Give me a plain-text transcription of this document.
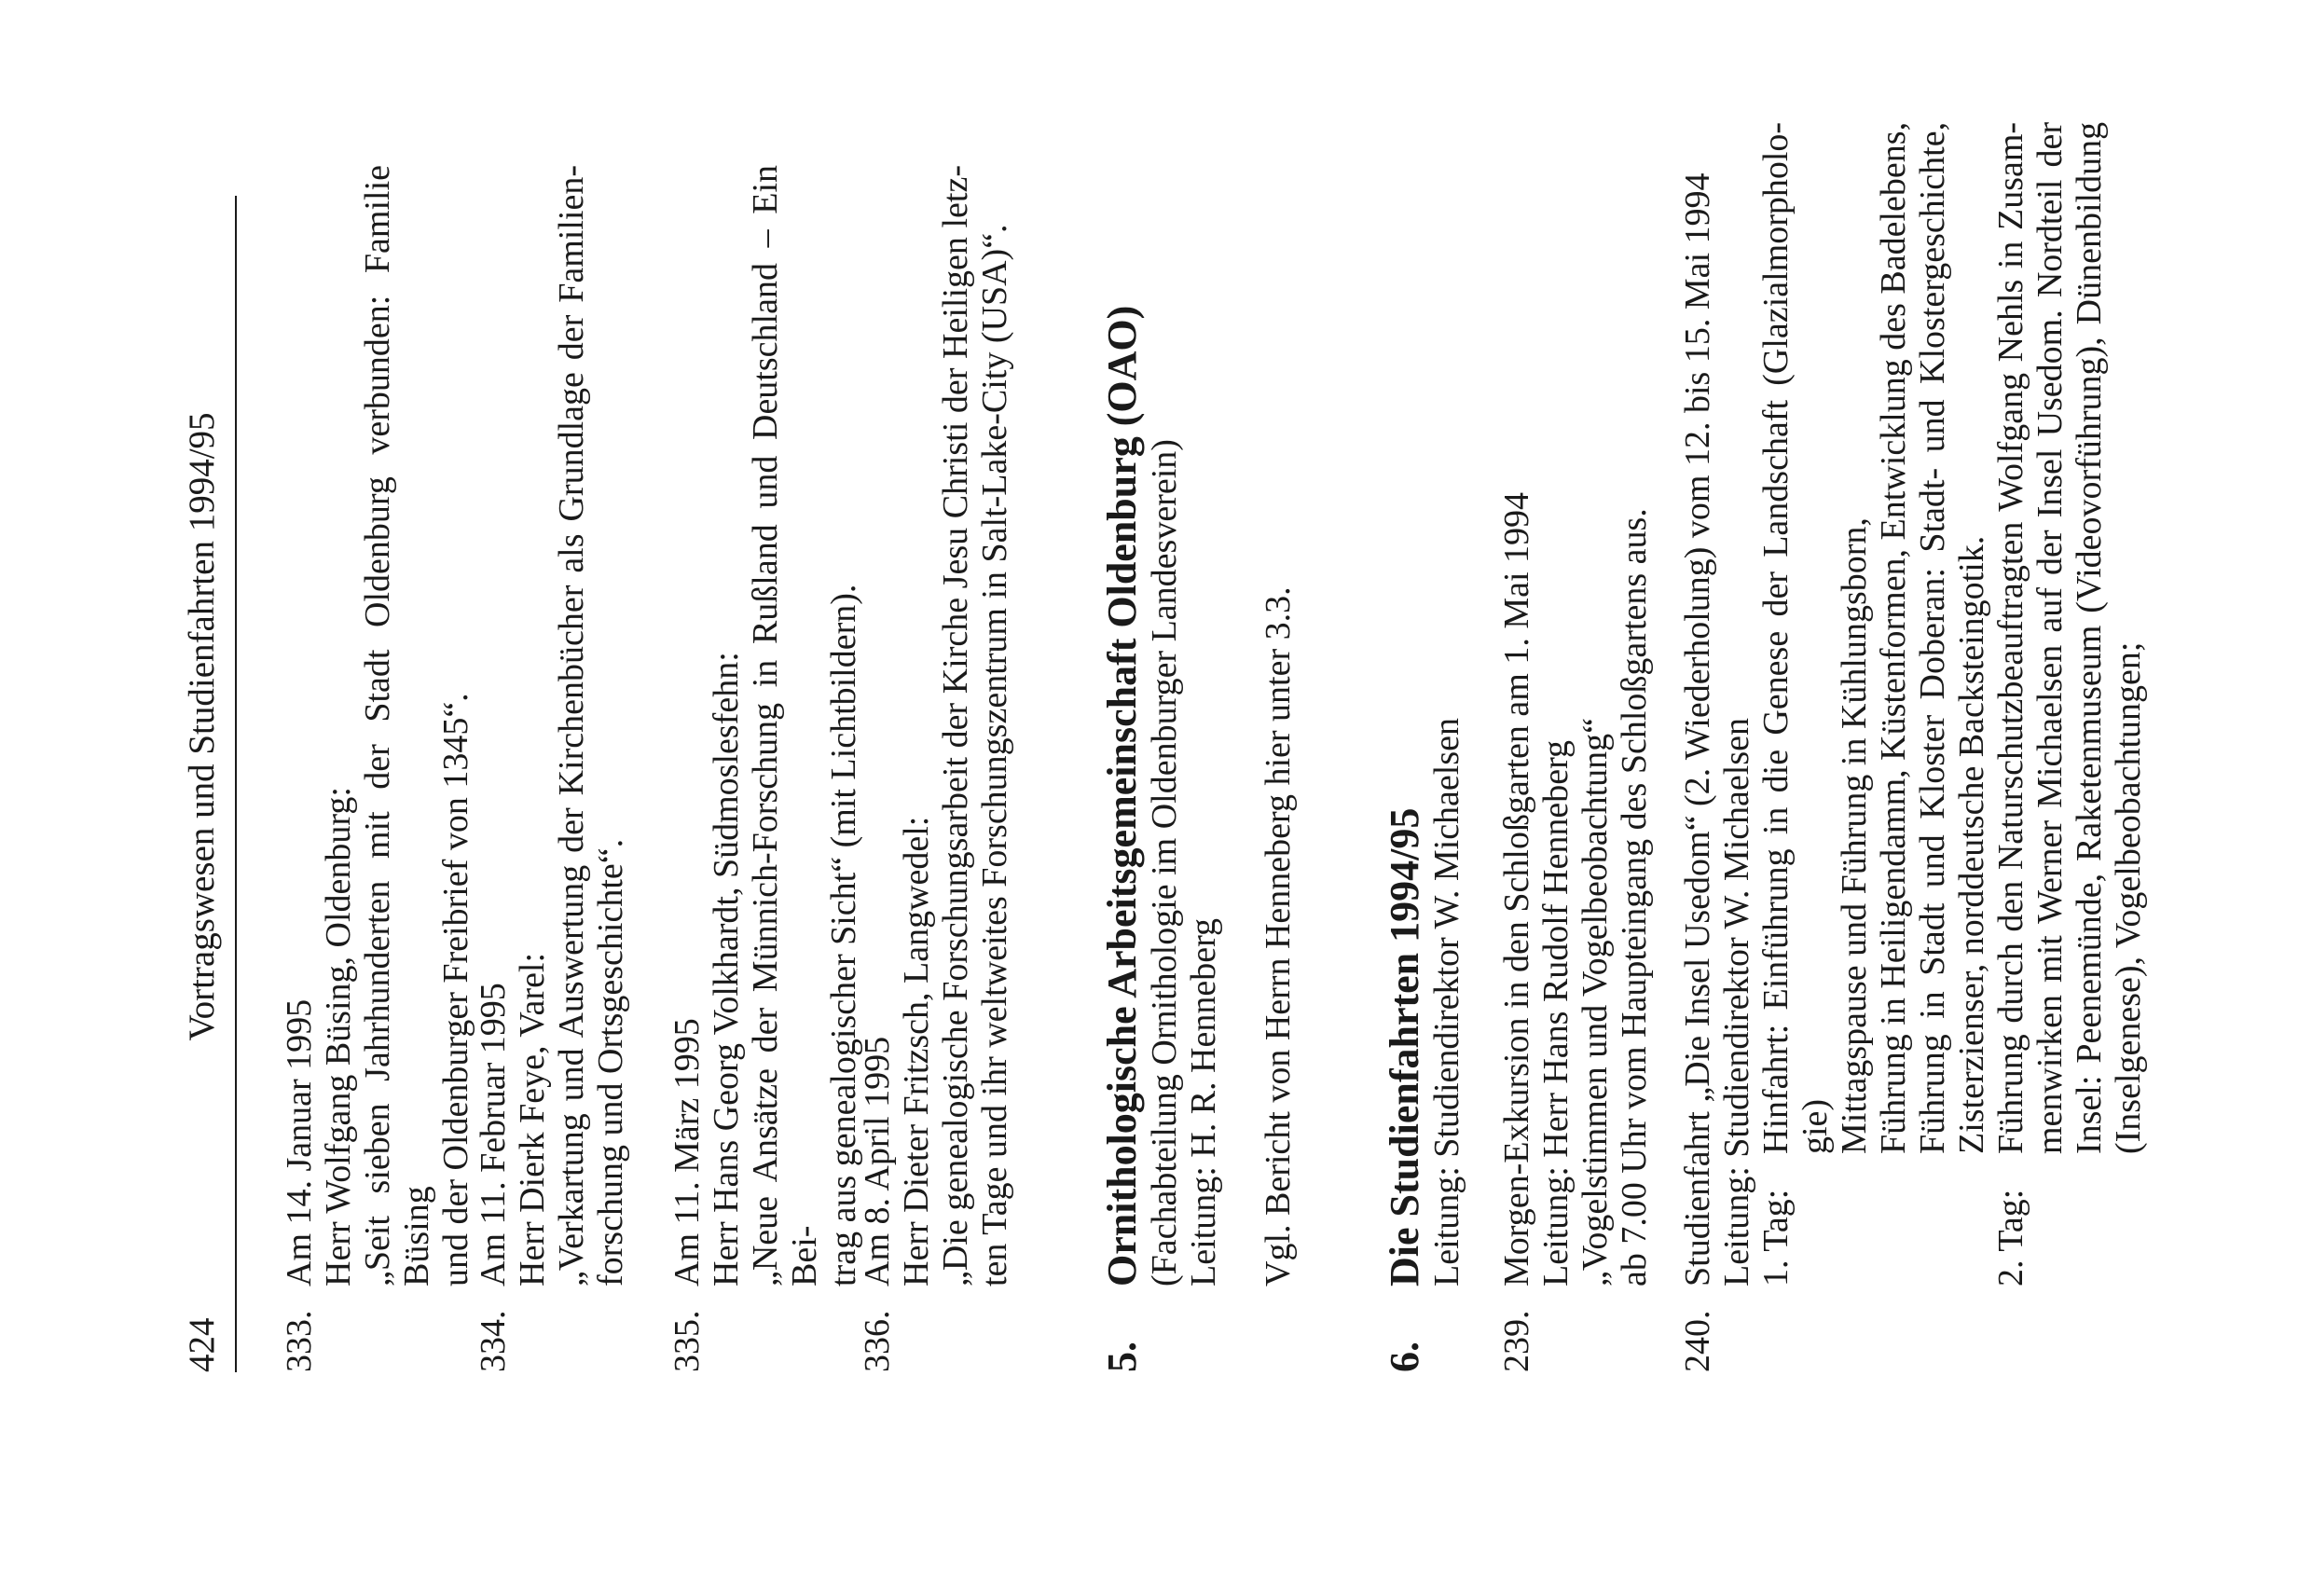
424
Vortragswesen und Studienfahrten 1994/95
333.
Am 14. Januar 1995 Herr Wolfgang Büsing, Oldenburg: „Seit sieben Jahrhunderten mit der Stadt Oldenburg verbunden: Familie Büsing und der Oldenburger Freibrief von 1345“.
334.
Am 11. Februar 1995 Herr Dierk Feye, Varel: „Verkartung und Auswertung der Kirchenbücher als Grundlage der Familien- forschung und Ortsgeschichte“.
335.
Am 11. März 1995 Herr Hans Georg Volkhardt, Südmoslesfehn: „Neue Ansätze der Münnich-Forschung in Rußland und Deutschland – Ein Bei- trag aus genealogischer Sicht“ (mit Lichtbildern).
336.
Am 8. April 1995 Herr Dieter Fritzsch, Langwedel: „Die genealogische Forschungsarbeit der Kirche Jesu Christi der Heiligen letz- ten Tage und ihr weltweites Forschungszentrum in Salt-Lake-City (USA)“.
5.
Ornithologische Arbeitsgemeinschaft Oldenburg (OAO) (Fachabteilung Ornithologie im Oldenburger Landesverein) Leitung: H. R. Henneberg Vgl. Bericht von Herrn Henneberg hier unter 3.3.
6.
Die Studienfahrten 1994/95 Leitung: Studiendirektor W. Michaelsen
239.
Morgen-Exkursion in den Schloßgarten am 1. Mai 1994 Leitung: Herr Hans Rudolf Henneberg „Vogelstimmen und Vogelbeobachtung“ ab 7.00 Uhr vom Haupteingang des Schloßgartens aus.
240.
Studienfahrt „Die Insel Usedom“ (2. Wiederholung) vom 12. bis 15. Mai 1994 Leitung: Studiendirektor W. Michaelsen 1. Tag:
Hinfahrt: Einführung in die Genese der Landschaft (Glazialmorpholo- gie) Mittagspause und Führung in Kühlungsborn, Führung in Heiligendamm, Küstenformen, Entwicklung des Badelebens, Führung in Stadt und Kloster Doberan: Stadt- und Klostergeschichte, Zisterzienser, norddeutsche Backsteingotik.
2. Tag:
Führung durch den Naturschutzbeauftragten Wolfgang Nehls in Zusam- menwirken mit Werner Michaelsen auf der Insel Usedom. Nordteil der Insel: Peenemünde, Raketenmuseum (Videovorführung), Dünenbildung (Inselgenese), Vogelbeobachtungen;
